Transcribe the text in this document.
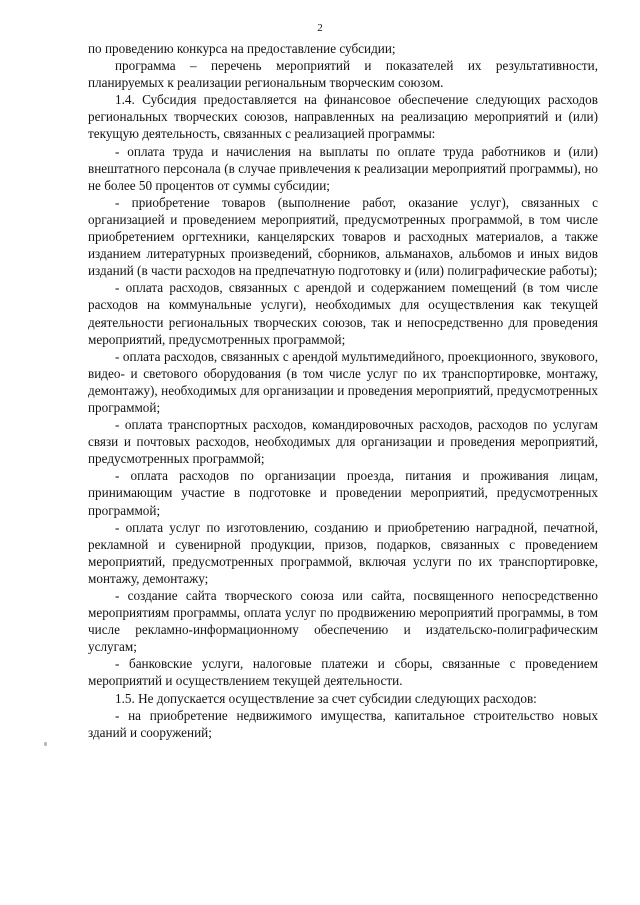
2

по проведению конкурса на предоставление субсидии;

программа – перечень мероприятий и показателей их результативности, планируемых к реализации региональным творческим союзом.

1.4. Субсидия предоставляется на финансовое обеспечение следующих расходов региональных творческих союзов, направленных на реализацию мероприятий и (или) текущую деятельность, связанных с реализацией программы:

- оплата труда и начисления на выплаты по оплате труда работников и (или) внештатного персонала (в случае привлечения к реализации мероприятий программы), но не более 50 процентов от суммы субсидии;

- приобретение товаров (выполнение работ, оказание услуг), связанных с организацией и проведением мероприятий, предусмотренных программой, в том числе приобретением оргтехники, канцелярских товаров и расходных материалов, а также изданием литературных произведений, сборников, альманахов, альбомов и иных видов изданий (в части расходов на предпечатную подготовку и (или) полиграфические работы);

- оплата расходов, связанных с арендой и содержанием помещений (в том числе расходов на коммунальные услуги), необходимых для осуществления как текущей деятельности региональных творческих союзов, так и непосредственно для проведения мероприятий, предусмотренных программой;

- оплата расходов, связанных с арендой мультимедийного, проекционного, звукового, видео- и светового оборудования (в том числе услуг по их транспортировке, монтажу, демонтажу), необходимых для организации и проведения мероприятий, предусмотренных программой;

- оплата транспортных расходов, командировочных расходов, расходов по услугам связи и почтовых расходов, необходимых для организации и проведения мероприятий, предусмотренных программой;

- оплата расходов по организации проезда, питания и проживания лицам, принимающим участие в подготовке и проведении мероприятий, предусмотренных программой;

- оплата услуг по изготовлению, созданию и приобретению наградной, печатной, рекламной и сувенирной продукции, призов, подарков, связанных с проведением мероприятий, предусмотренных программой, включая услуги по их транспортировке, монтажу, демонтажу;

- создание сайта творческого союза или сайта, посвященного непосредственно мероприятиям программы, оплата услуг по продвижению мероприятий программы, в том числе рекламно-информационному обеспечению и издательско-полиграфическим услугам;

- банковские услуги, налоговые платежи и сборы, связанные с проведением мероприятий и осуществлением текущей деятельности.

1.5. Не допускается осуществление за счет субсидии следующих расходов:

- на приобретение недвижимого имущества, капитальное строительство новых зданий и сооружений;
